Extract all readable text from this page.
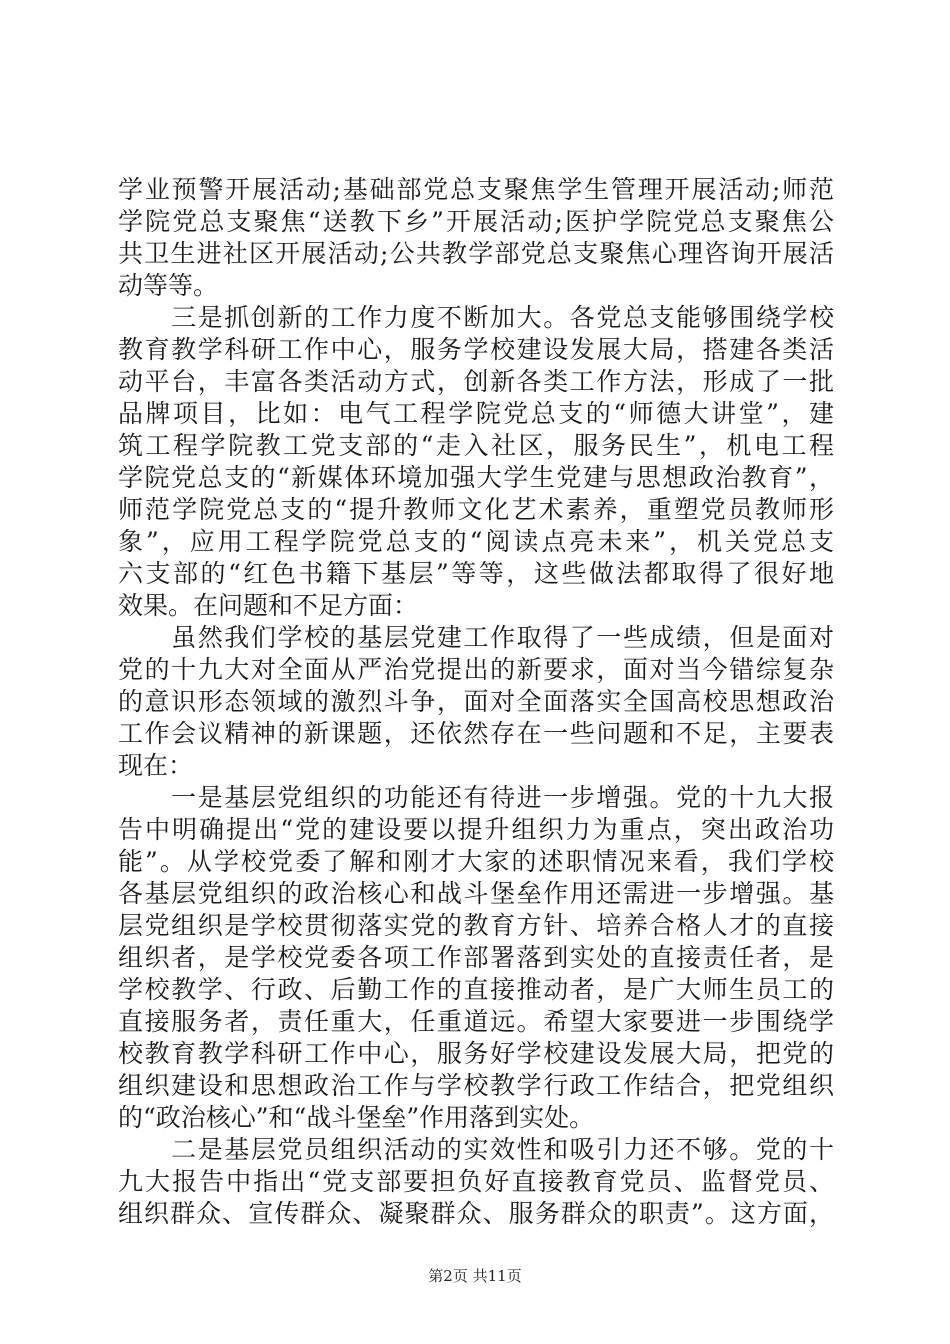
学业预警开展活动;基础部党总支聚焦学生管理开展活动;师范
学院党总支聚焦“送教下乡”开展活动;医护学院党总支聚焦公
共卫生进社区开展活动;公共教学部党总支聚焦心理咨询开展活
动等等。
　　三是抓创新的工作力度不断加大。各党总支能够围绕学校
教育教学科研工作中心，服务学校建设发展大局，搭建各类活
动平台，丰富各类活动方式，创新各类工作方法，形成了一批
品牌项目，比如：电气工程学院党总支的“师德大讲堂”，建
筑工程学院教工党支部的“走入社区，服务民生”，机电工程
学院党总支的“新媒体环境加强大学生党建与思想政治教育”，
师范学院党总支的“提升教师文化艺术素养，重塑党员教师形
象”，应用工程学院党总支的“阅读点亮未来”，机关党总支
六支部的“红色书籍下基层”等等，这些做法都取得了很好地
效果。在问题和不足方面：
　　虽然我们学校的基层党建工作取得了一些成绩，但是面对
党的十九大对全面从严治党提出的新要求，面对当今错综复杂
的意识形态领域的激烈斗争，面对全面落实全国高校思想政治
工作会议精神的新课题，还依然存在一些问题和不足，主要表
现在：
　　一是基层党组织的功能还有待进一步增强。党的十九大报
告中明确提出“党的建设要以提升组织力为重点，突出政治功
能”。从学校党委了解和刚才大家的述职情况来看，我们学校
各基层党组织的政治核心和战斗堡垒作用还需进一步增强。基
层党组织是学校贯彻落实党的教育方针、培养合格人才的直接
组织者，是学校党委各项工作部署落到实处的直接责任者，是
学校教学、行政、后勤工作的直接推动者，是广大师生员工的
直接服务者，责任重大，任重道远。希望大家要进一步围绕学
校教育教学科研工作中心，服务好学校建设发展大局，把党的
组织建设和思想政治工作与学校教学行政工作结合，把党组织
的“政治核心”和“战斗堡垒”作用落到实处。
　　二是基层党员组织活动的实效性和吸引力还不够。党的十
九大报告中指出“党支部要担负好直接教育党员、监督党员、
组织群众、宣传群众、凝聚群众、服务群众的职责”。这方面，
第2页 共11页
